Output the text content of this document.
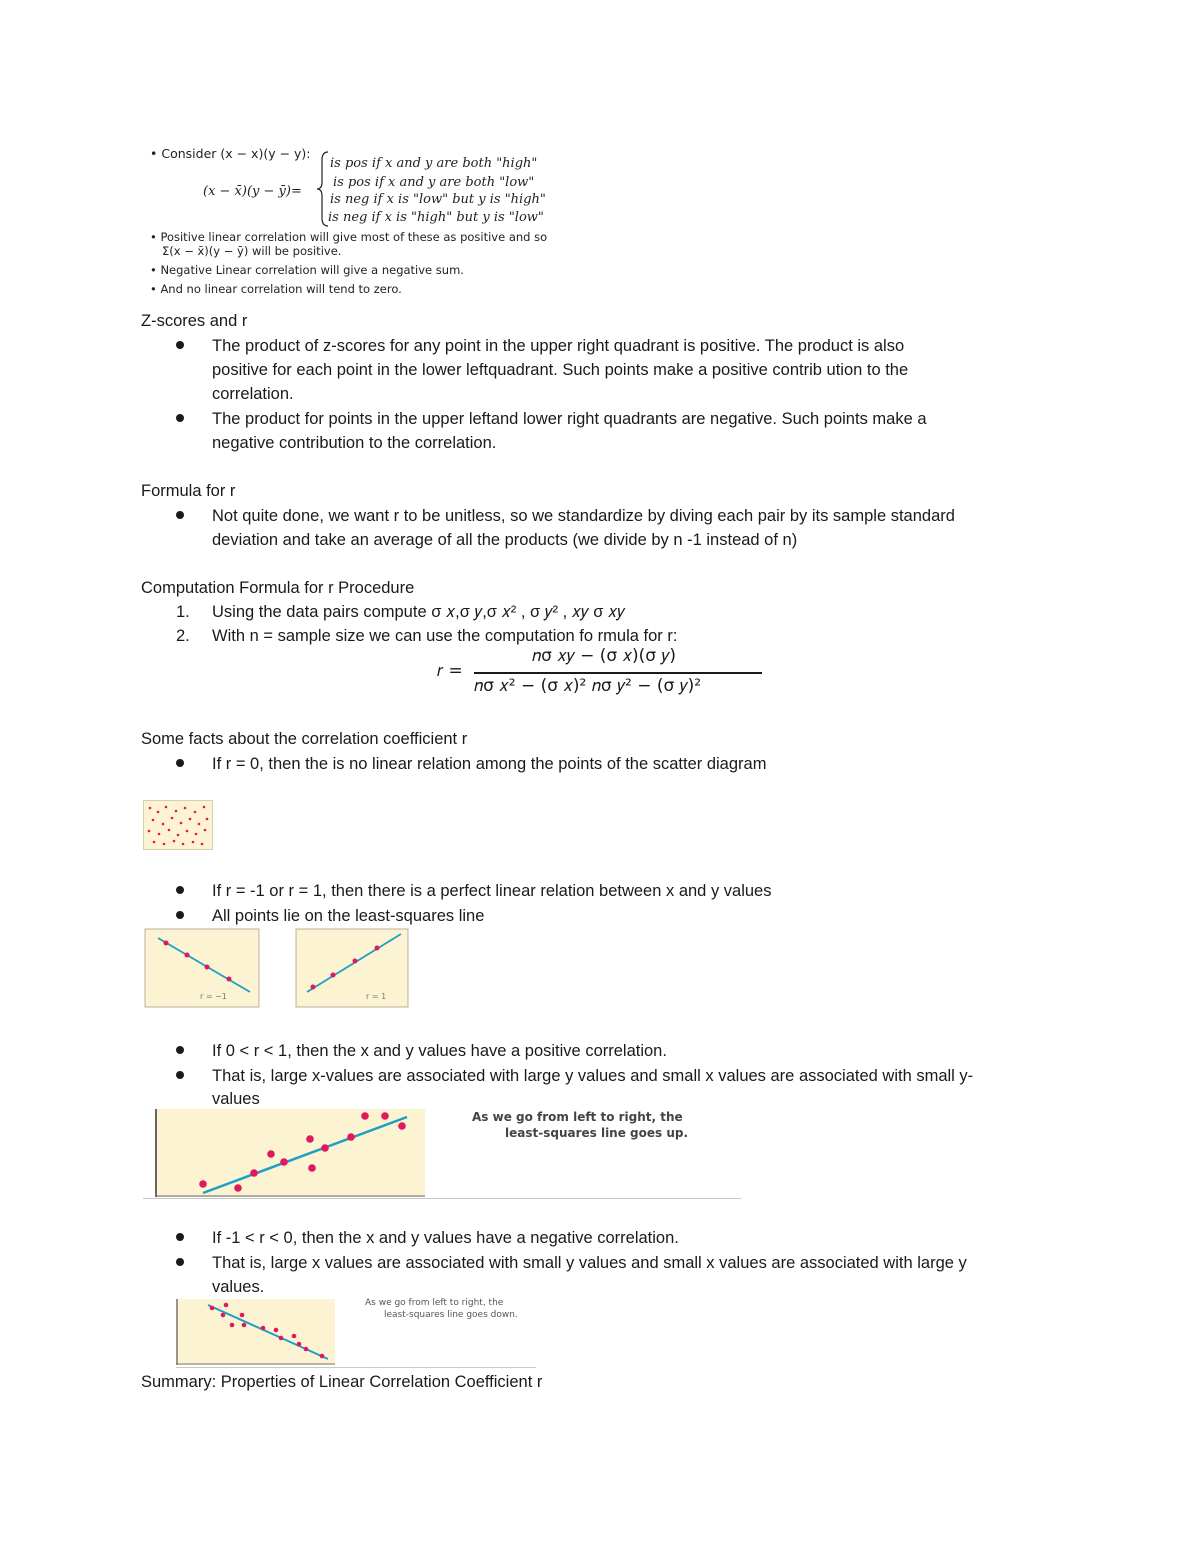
• Consider (x − x)(y − y):
(x − x̄)(y − ȳ)=
is pos if x and y are both "high"
is pos if x and y are both "low"
is neg if x is "low" but y is "high"
is neg if x is "high" but y is "low"
• Positive linear correlation will give most of these as positive and so
Σ(x − x̄)(y − ȳ) will be positive.
• Negative Linear correlation will give a negative sum.
• And no linear correlation will tend to zero.
Z-scores and r
The product of z-scores for any point in the upper right quadrant is positive. The product is also
positive for each point in the lower leftquadrant. Such points make a positive contrib ution to the
correlation.
The product for points in the upper leftand lower right quadrants are negative. Such points make a
negative contribution to the correlation.
Formula for r
Not quite done, we want r to be unitless, so we standardize by diving each pair by its sample standard
deviation and take an average of all the products (we divide by n -1 instead of n)
Computation Formula for r Procedure
1. Using the data pairs compute σ 𝑥,σ 𝑦,σ 𝑥² , σ 𝑦² , 𝑥𝑦 σ 𝑥𝑦
2. With n = sample size we can use the computation fo rmula for r:
𝑟 =
𝑛σ 𝑥𝑦 − (σ 𝑥)(σ 𝑦)
𝑛σ 𝑥² − (σ 𝑥)² 𝑛σ 𝑦² − (σ 𝑦)²
Some facts about the correlation coefficient r
If r = 0, then the is no linear relation among the points of the scatter diagram
If r = -1 or r = 1, then there is a perfect linear relation between x and y values
All points lie on the least-squares line
r = −1	r = 1
If 0 < r < 1, then the x and y values have a positive correlation.
That is, large x-values are associated with large y values and small x values are associated with small y-
values
As we go from left to right, the
least-squares line goes up.
If -1 < r < 0, then the x and y values have a negative correlation.
That is, large x values are associated with small y values and small x values are associated with large y
values.
As we go from left to right, the
least-squares line goes down.
Summary: Properties of Linear Correlation Coefficient r
